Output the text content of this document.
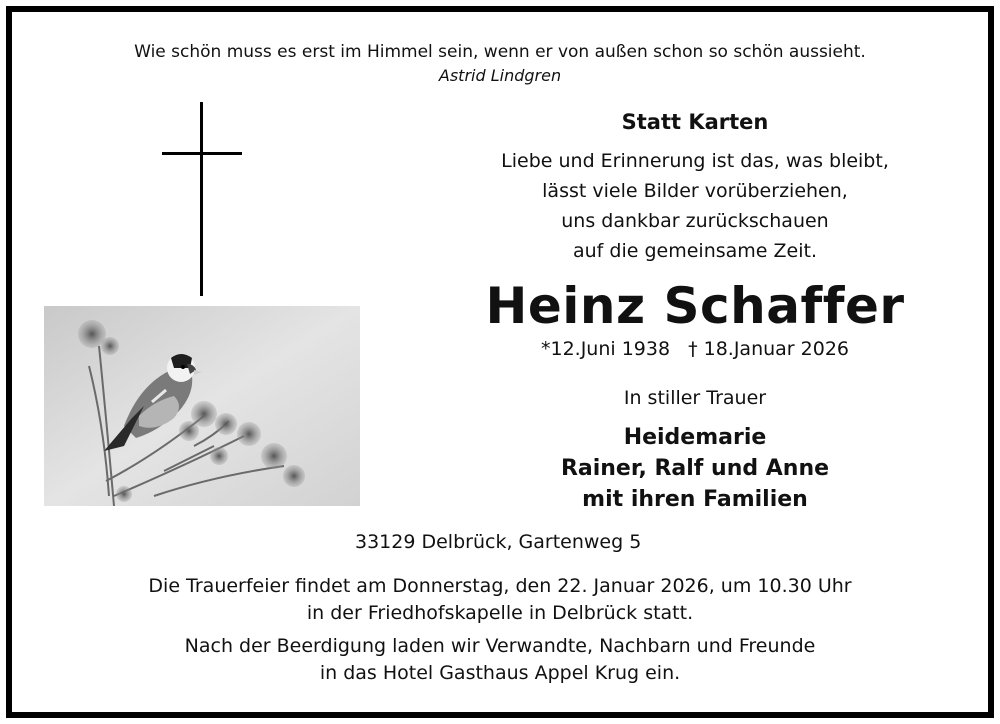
Wie schön muss es erst im Himmel sein, wenn er von außen schon so schön aussieht.
Astrid Lindgren
Statt Karten
Liebe und Erinnerung ist das, was bleibt,
lässt viele Bilder vorüberziehen,
uns dankbar zurückschauen
auf die gemeinsame Zeit.
Heinz Schaffer
*12.Juni 1938 † 18.Januar 2026
In stiller Trauer
Heidemarie
Rainer, Ralf und Anne
mit ihren Familien
33129 Delbrück, Gartenweg 5
Die Trauerfeier findet am Donnerstag, den 22. Januar 2026, um 10.30 Uhr
in der Friedhofskapelle in Delbrück statt.
Nach der Beerdigung laden wir Verwandte, Nachbarn und Freunde
in das Hotel Gasthaus Appel Krug ein.
